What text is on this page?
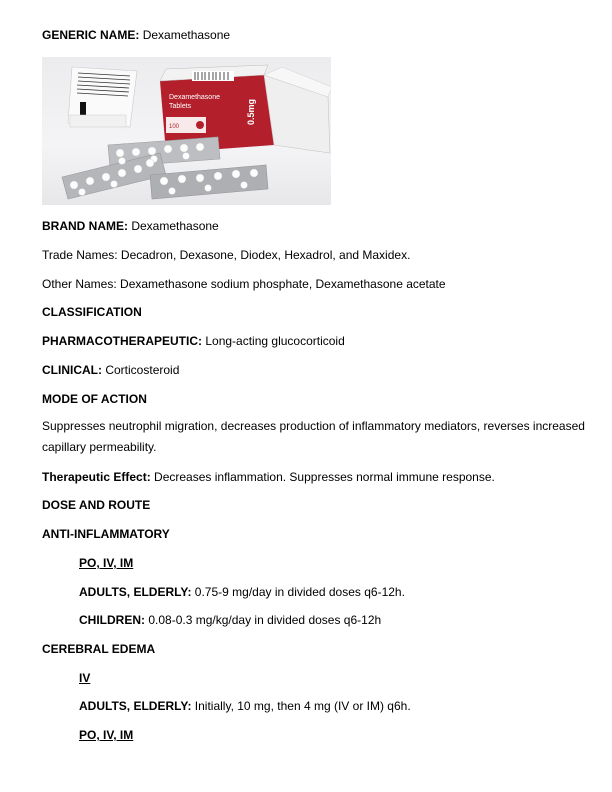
GENERIC NAME: Dexamethasone
Dexamethasone
Tablets
100
0.5mg
BRAND NAME: Dexamethasone
Trade Names: Decadron, Dexasone, Diodex, Hexadrol, and Maxidex.
Other Names: Dexamethasone sodium phosphate, Dexamethasone acetate
CLASSIFICATION
PHARMACOTHERAPEUTIC: Long-acting glucocorticoid
CLINICAL: Corticosteroid
MODE OF ACTION
Suppresses neutrophil migration, decreases production of inflammatory mediators, reverses increased capillary permeability.
Therapeutic Effect: Decreases inflammation. Suppresses normal immune response.
DOSE AND ROUTE
ANTI-INFLAMMATORY
PO, IV, IM
ADULTS, ELDERLY: 0.75-9 mg/day in divided doses q6-12h.
CHILDREN: 0.08-0.3 mg/kg/day in divided doses q6-12h
CEREBRAL EDEMA
IV
ADULTS, ELDERLY: Initially, 10 mg, then 4 mg (IV or IM) q6h.
PO, IV, IM
